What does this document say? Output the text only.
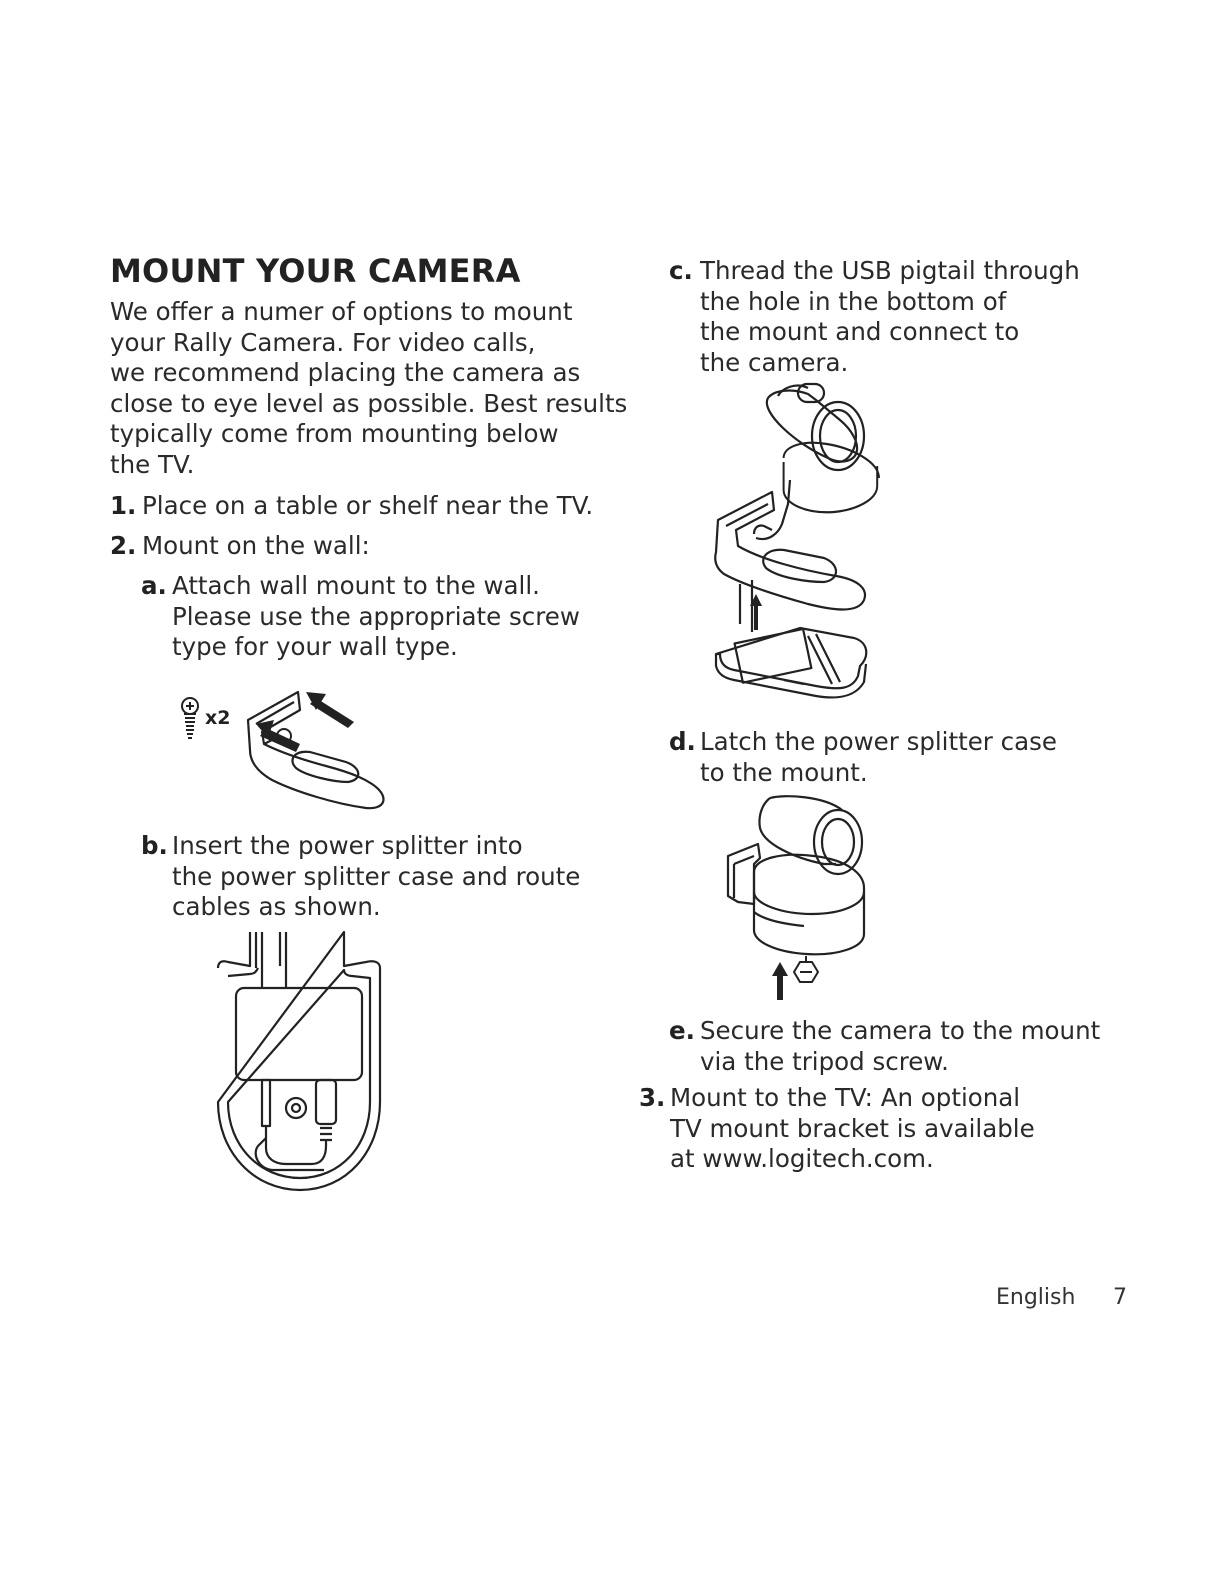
MOUNT YOUR CAMERA
We offer a numer of options to mount
your Rally Camera. For video calls,
we recommend placing the camera as
close to eye level as possible. Best results
typically come from mounting below
the TV.
1. Place on a table or shelf near the TV.
2. Mount on the wall:
a. Attach wall mount to the wall.
Please use the appropriate screw
type for your wall type.
x2
b. Insert the power splitter into
the power splitter case and route
cables as shown.
c. Thread the USB pigtail through
the hole in the bottom of
the mount and connect to
the camera.
d. Latch the power splitter case
to the mount.
e. Secure the camera to the mount
via the tripod screw.
3. Mount to the TV: An optional
TV mount bracket is available
at www.logitech.com.
English 7
